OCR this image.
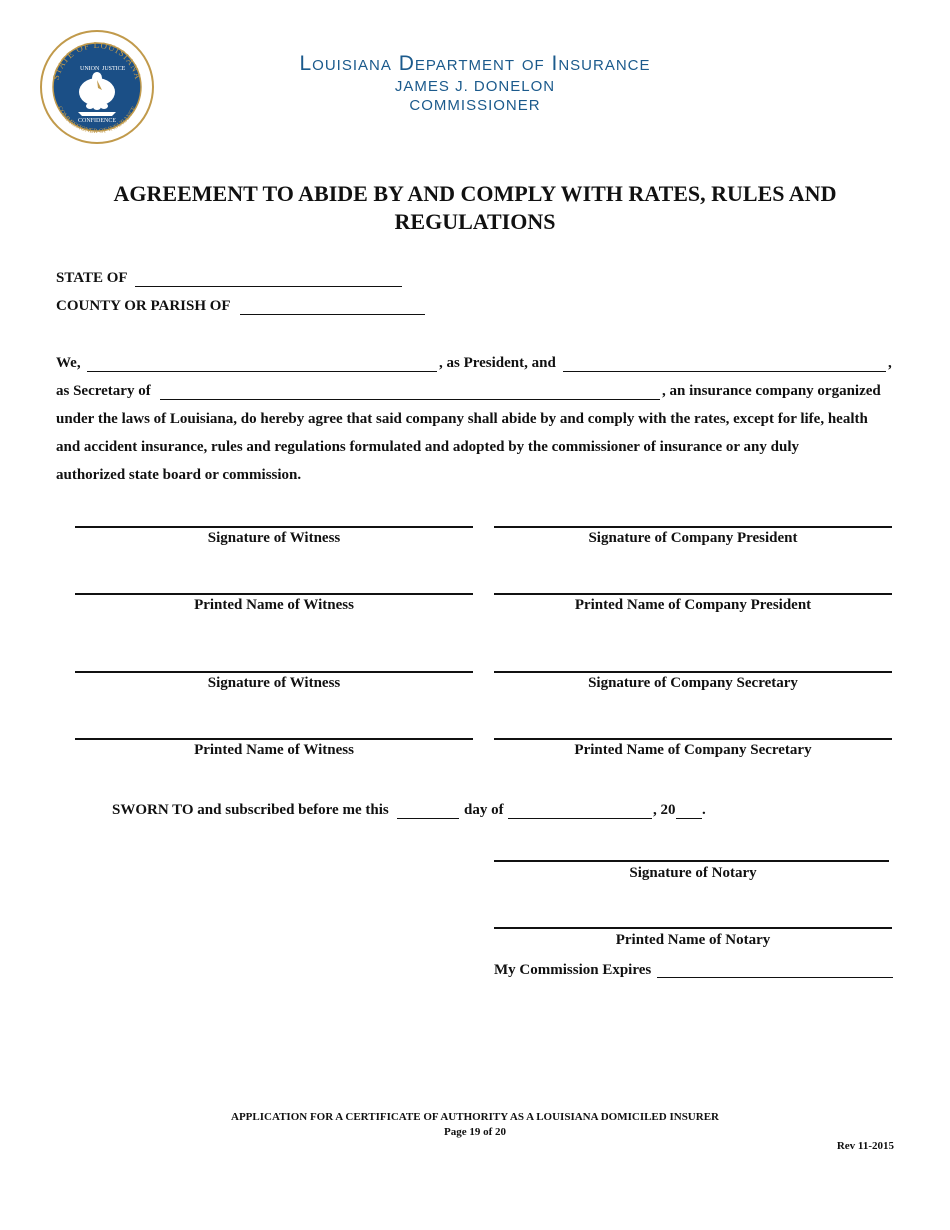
STATE OF LOUISIANA
COMMISSIONER OF INSURANCE
UNION JUSTICE
CONFIDENCE
Louisiana Department of Insurance
JAMES J. DONELON
COMMISSIONER
AGREEMENT TO ABIDE BY AND COMPLY WITH RATES, RULES AND
REGULATIONS
STATE OF
COUNTY OR PARISH OF
We,	, as President, and	,
as Secretary of	, an insurance company organized
under the laws of Louisiana, do hereby agree that said company shall abide by and comply with the rates, except for life, health
and accident insurance, rules and regulations formulated and adopted by the commissioner of insurance or any duly
authorized state board or commission.
Signature of Witness	Signature of Company President
Printed Name of Witness	Printed Name of Company President
Signature of Witness	Signature of Company Secretary
Printed Name of Witness	Printed Name of Company Secretary
SWORN TO and subscribed before me this	day of	, 20 .
Signature of Notary
Printed Name of Notary
My Commission Expires
APPLICATION FOR A CERTIFICATE OF AUTHORITY AS A LOUISIANA DOMICILED INSURER
Page 19 of 20
Rev 11-2015
